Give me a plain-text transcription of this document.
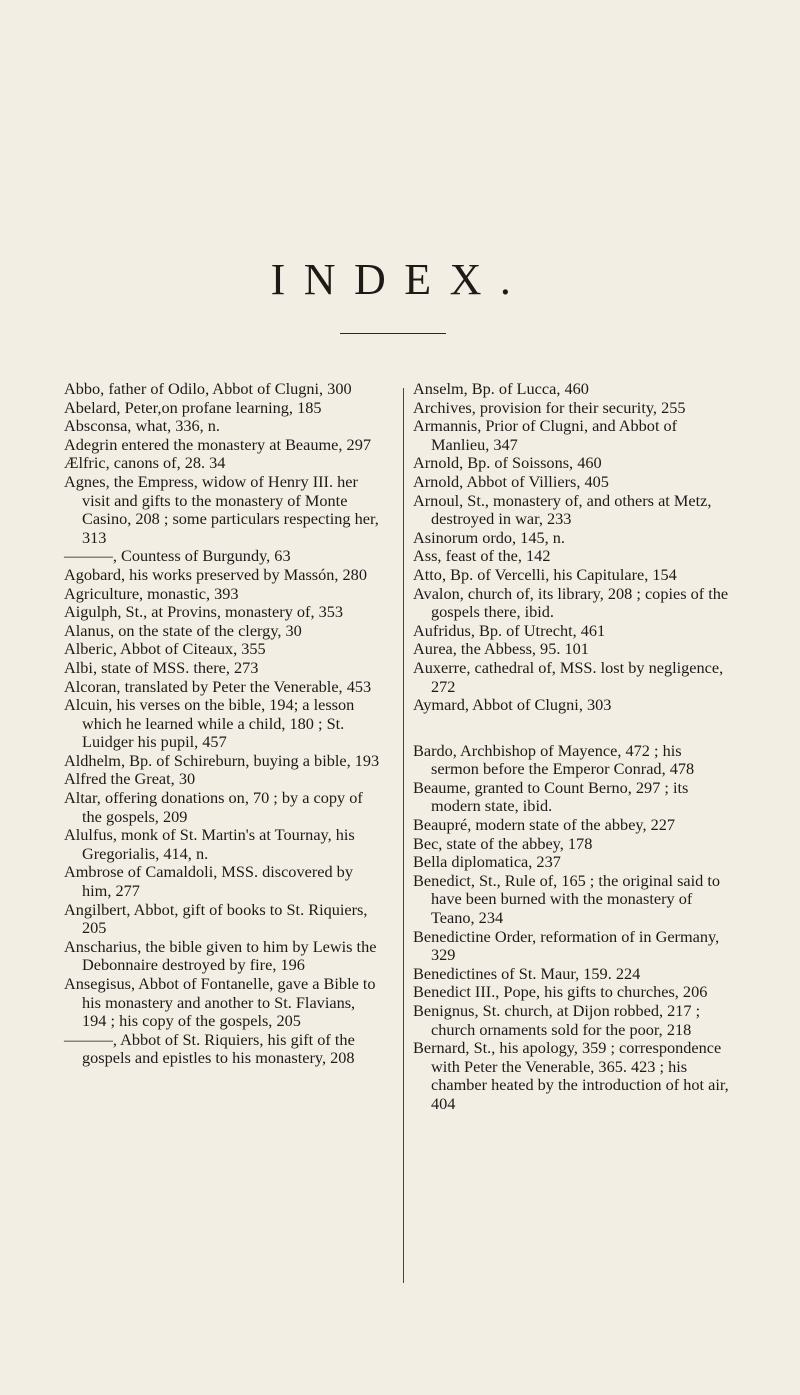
INDEX.

Abbo, father of Odilo, Abbot of Clugni, 300

Abelard, Peter,on profane learning, 185

Absconsa, what, 336, n.

Adegrin entered the monastery at Beaume, 297

Ælfric, canons of, 28. 34

Agnes, the Empress, widow of Henry III. her visit and gifts to the monastery of Monte Casino, 208 ; some particulars respecting her, 313

———, Countess of Burgundy, 63

Agobard, his works preserved by Massón, 280

Agriculture, monastic, 393

Aigulph, St., at Provins, monastery of, 353

Alanus, on the state of the clergy, 30

Alberic, Abbot of Citeaux, 355

Albi, state of MSS. there, 273

Alcoran, translated by Peter the Venerable, 453

Alcuin, his verses on the bible, 194; a lesson which he learned while a child, 180 ; St. Luidger his pupil, 457

Aldhelm, Bp. of Schireburn, buying a bible, 193

Alfred the Great, 30

Altar, offering donations on, 70 ; by a copy of the gospels, 209

Alulfus, monk of St. Martin's at Tournay, his Gregorialis, 414, n.

Ambrose of Camaldoli, MSS. discovered by him, 277

Angilbert, Abbot, gift of books to St. Riquiers, 205

Anscharius, the bible given to him by Lewis the Debonnaire destroyed by fire, 196

Ansegisus, Abbot of Fontanelle, gave a Bible to his monastery and another to St. Flavians, 194 ; his copy of the gospels, 205

———, Abbot of St. Riquiers, his gift of the gospels and epistles to his monastery, 208

Anselm, Bp. of Lucca, 460

Archives, provision for their security, 255

Armannis, Prior of Clugni, and Abbot of Manlieu, 347

Arnold, Bp. of Soissons, 460

Arnold, Abbot of Villiers, 405

Arnoul, St., monastery of, and others at Metz, destroyed in war, 233

Asinorum ordo, 145, n.

Ass, feast of the, 142

Atto, Bp. of Vercelli, his Capitulare, 154

Avalon, church of, its library, 208 ; copies of the gospels there, ibid.

Aufridus, Bp. of Utrecht, 461

Aurea, the Abbess, 95. 101

Auxerre, cathedral of, MSS. lost by negligence, 272

Aymard, Abbot of Clugni, 303

Bardo, Archbishop of Mayence, 472 ; his sermon before the Emperor Conrad, 478

Beaume, granted to Count Berno, 297 ; its modern state, ibid.

Beaupré, modern state of the abbey, 227

Bec, state of the abbey, 178

Bella diplomatica, 237

Benedict, St., Rule of, 165 ; the original said to have been burned with the monastery of Teano, 234

Benedictine Order, reformation of in Germany, 329

Benedictines of St. Maur, 159. 224

Benedict III., Pope, his gifts to churches, 206

Benignus, St. church, at Dijon robbed, 217 ; church ornaments sold for the poor, 218

Bernard, St., his apology, 359 ; correspondence with Peter the Venerable, 365. 423 ; his chamber heated by the introduction of hot air, 404
